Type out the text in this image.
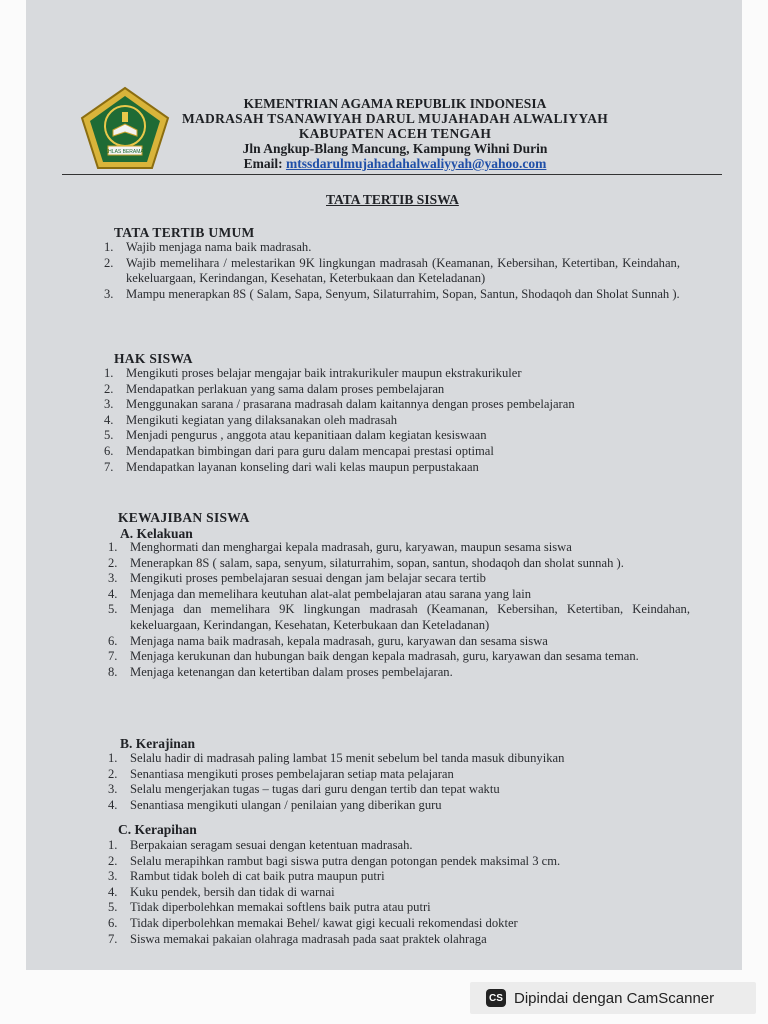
IKHLAS BERAMAL
KEMENTRIAN AGAMA REPUBLIK INDONESIA
MADRASAH TSANAWIYAH DARUL MUJAHADAH ALWALIYYAH
KABUPATEN ACEH TENGAH
Jln Angkup-Blang Mancung, Kampung Wihni Durin
Email: mtssdarulmujahadahalwaliyyah@yahoo.com
TATA TERTIB SISWA
TATA TERTIB UMUM
1. Wajib menjaga nama baik madrasah.
2. Wajib memelihara / melestarikan 9K lingkungan madrasah (Keamanan, Kebersihan, Ketertiban, Keindahan, kekeluargaan, Kerindangan, Kesehatan, Keterbukaan dan Keteladanan)
3. Mampu menerapkan 8S ( Salam, Sapa, Senyum, Silaturrahim, Sopan, Santun, Shodaqoh dan Sholat Sunnah ).
HAK SISWA
1. Mengikuti proses belajar mengajar baik intrakurikuler maupun ekstrakurikuler
2. Mendapatkan perlakuan yang sama dalam proses pembelajaran
3. Menggunakan sarana / prasarana madrasah dalam kaitannya dengan proses pembelajaran
4. Mengikuti kegiatan yang dilaksanakan oleh madrasah
5. Menjadi pengurus , anggota atau kepanitiaan dalam kegiatan kesiswaan
6. Mendapatkan bimbingan dari para guru dalam mencapai prestasi optimal
7. Mendapatkan layanan konseling dari wali kelas maupun perpustakaan
KEWAJIBAN SISWA
A. Kelakuan
1. Menghormati dan menghargai kepala madrasah, guru, karyawan, maupun sesama siswa
2. Menerapkan 8S ( salam, sapa, senyum, silaturrahim, sopan, santun, shodaqoh dan sholat sunnah ).
3. Mengikuti proses pembelajaran sesuai dengan jam belajar secara tertib
4. Menjaga dan memelihara keutuhan alat-alat pembelajaran atau sarana yang lain
5. Menjaga dan memelihara 9K lingkungan madrasah (Keamanan, Kebersihan, Ketertiban, Keindahan, kekeluargaan, Kerindangan, Kesehatan, Keterbukaan dan Keteladanan)
6. Menjaga nama baik madrasah, kepala madrasah, guru, karyawan dan sesama siswa
7. Menjaga kerukunan dan hubungan baik dengan kepala madrasah, guru, karyawan dan sesama teman.
8. Menjaga ketenangan dan ketertiban dalam proses pembelajaran.
B. Kerajinan
1. Selalu hadir di madrasah paling lambat 15 menit sebelum bel tanda masuk dibunyikan
2. Senantiasa mengikuti proses pembelajaran setiap mata pelajaran
3. Selalu mengerjakan tugas – tugas dari guru dengan tertib dan tepat waktu
4. Senantiasa mengikuti ulangan / penilaian yang diberikan guru
C. Kerapihan
1. Berpakaian seragam sesuai dengan ketentuan madrasah.
2. Selalu merapihkan rambut bagi siswa putra dengan potongan pendek maksimal 3 cm.
3. Rambut tidak boleh di cat baik putra maupun putri
4. Kuku pendek, bersih dan tidak di warnai
5. Tidak diperbolehkan memakai softlens baik putra atau putri
6. Tidak diperbolehkan memakai Behel/ kawat gigi kecuali rekomendasi dokter
7. Siswa memakai pakaian olahraga madrasah pada saat praktek olahraga
CS Dipindai dengan CamScanner
